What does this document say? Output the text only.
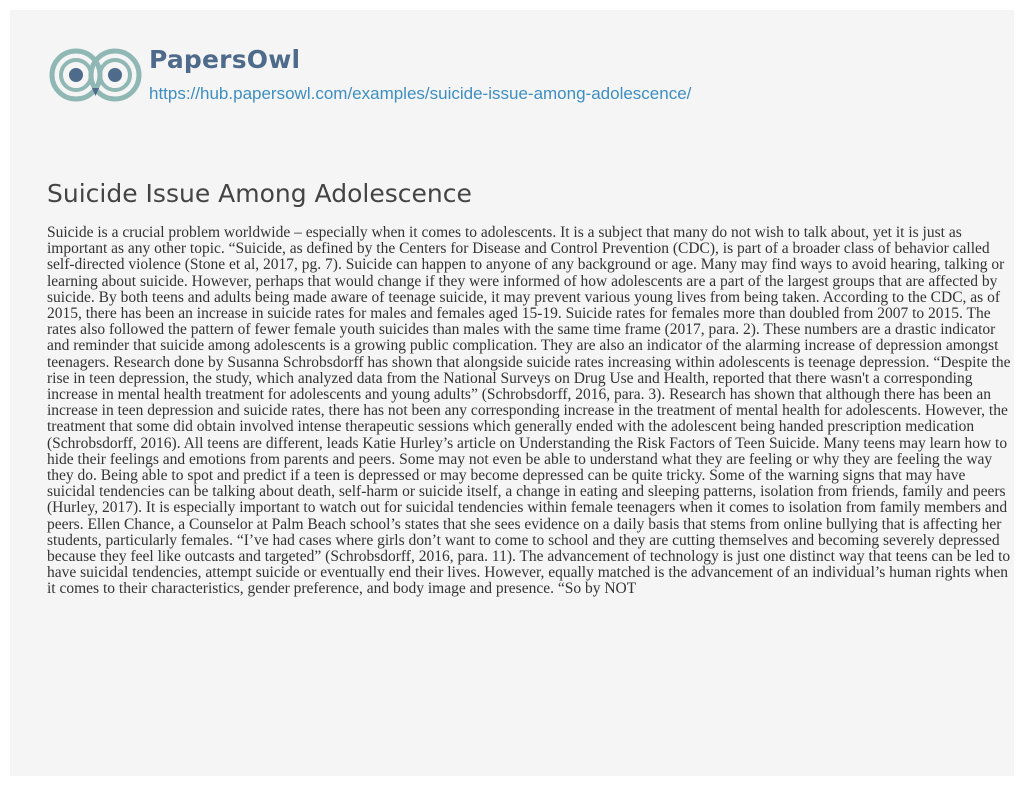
PapersOwl
https://hub.papersowl.com/examples/suicide-issue-among-adolescence/
Suicide Issue Among Adolescence

Suicide is a crucial problem worldwide – especially when it comes to adolescents. It is a subject that many do not wish to talk about, yet it is just as important as any other topic. “Suicide, as defined by the Centers for Disease and Control Prevention (CDC), is part of a broader class of behavior called self-directed violence (Stone et al, 2017, pg. 7). Suicide can happen to anyone of any background or age. Many may find ways to avoid hearing, talking or learning about suicide. However, perhaps that would change if they were informed of how adolescents are a part of the largest groups that are affected by suicide. By both teens and adults being made aware of teenage suicide, it may prevent various young lives from being taken. According to the CDC, as of 2015, there has been an increase in suicide rates for males and females aged 15-19. Suicide rates for females more than doubled from 2007 to 2015. The rates also followed the pattern of fewer female youth suicides than males with the same time frame (2017, para. 2). These numbers are a drastic indicator and reminder that suicide among adolescents is a growing public complication. They are also an indicator of the alarming increase of depression amongst teenagers. Research done by Susanna Schrobsdorff has shown that alongside suicide rates increasing within adolescents is teenage depression. “Despite the rise in teen depression, the study, which analyzed data from the National Surveys on Drug Use and Health, reported that there wasn't a corresponding increase in mental health treatment for adolescents and young adults” (Schrobsdorff, 2016, para. 3). Research has shown that although there has been an increase in teen depression and suicide rates, there has not been any corresponding increase in the treatment of mental health for adolescents. However, the treatment that some did obtain involved intense therapeutic sessions which generally ended with the adolescent being handed prescription medication (Schrobsdorff, 2016). All teens are different, leads Katie Hurley’s article on Understanding the Risk Factors of Teen Suicide. Many teens may learn how to hide their feelings and emotions from parents and peers. Some may not even be able to understand what they are feeling or why they are feeling the way they do. Being able to spot and predict if a teen is depressed or may become depressed can be quite tricky. Some of the warning signs that may have suicidal tendencies can be talking about death, self-harm or suicide itself, a change in eating and sleeping patterns, isolation from friends, family and peers (Hurley, 2017). It is especially important to watch out for suicidal tendencies within female teenagers when it comes to isolation from family members and peers. Ellen Chance, a Counselor at Palm Beach school’s states that she sees evidence on a daily basis that stems from online bullying that is affecting her students, particularly females. “I’ve had cases where girls don’t want to come to school and they are cutting themselves and becoming severely depressed because they feel like outcasts and targeted” (Schrobsdorff, 2016, para. 11). The advancement of technology is just one distinct way that teens can be led to have suicidal tendencies, attempt suicide or eventually end their lives. However, equally matched is the advancement of an individual’s human rights when it comes to their characteristics, gender preference, and body image and presence. “So by NOT
